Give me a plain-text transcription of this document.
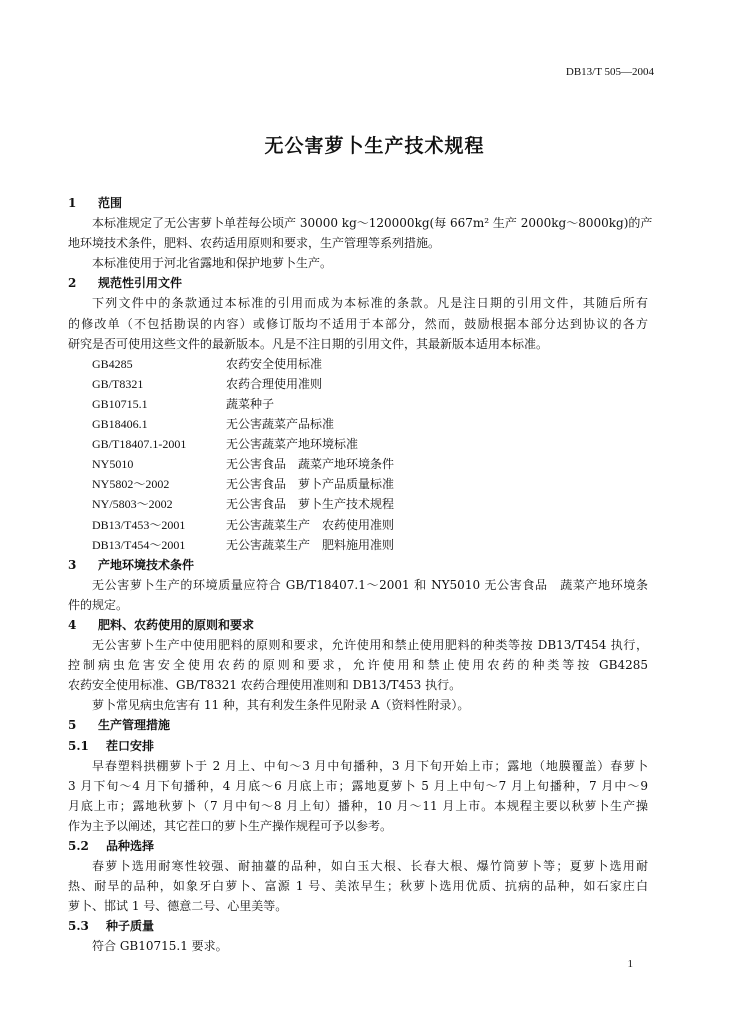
DB13/T 505—2004
无公害萝卜生产技术规程
1 范围
本标准规定了无公害萝卜单茬每公顷产 30000 kg～120000kg(每 667m² 生产 2000kg～8000kg)的产
地环境技术条件，肥料、农药适用原则和要求，生产管理等系列措施。
本标准使用于河北省露地和保护地萝卜生产。
2 规范性引用文件
下列文件中的条款通过本标准的引用而成为本标准的条款。凡是注日期的引用文件，其随后所有
的修改单（不包括勘误的内容）或修订版均不适用于本部分，然而，鼓励根据本部分达到协议的各方
研究是否可使用这些文件的最新版本。凡是不注日期的引用文件，其最新版本适用本标准。
GB4285	农药安全使用标准
GB/T8321	农药合理使用准则
GB10715.1	蔬菜种子
GB18406.1	无公害蔬菜产品标准
GB/T18407.1-2001	无公害蔬菜产地环境标准
NY5010	无公害食品　蔬菜产地环境条件
NY5802～2002	无公害食品　萝卜产品质量标准
NY/5803～2002	无公害食品　萝卜生产技术规程
DB13/T453～2001	无公害蔬菜生产　农药使用准则
DB13/T454～2001	无公害蔬菜生产　肥料施用准则
3 产地环境技术条件
无公害萝卜生产的环境质量应符合 GB/T18407.1～2001 和 NY5010 无公害食品　蔬菜产地环境条
件的规定。
4 肥料、农药使用的原则和要求
无公害萝卜生产中使用肥料的原则和要求，允许使用和禁止使用肥料的种类等按 DB13/T454 执行，
控制病虫危害安全使用农药的原则和要求，允许使用和禁止使用农药的种类等按 GB4285
农药安全使用标准、GB/T8321 农药合理使用准则和 DB13/T453 执行。
萝卜常见病虫危害有 11 种，其有利发生条件见附录 A（资料性附录）。
5 生产管理措施
5.1 茬口安排
早春塑料拱棚萝卜于 2 月上、中旬～3 月中旬播种，3 月下旬开始上市；露地（地膜覆盖）春萝卜
3 月下旬～4 月下旬播种，4 月底～6 月底上市；露地夏萝卜 5 月上中旬～7 月上旬播种，7 月中～9
月底上市；露地秋萝卜（7 月中旬～8 月上旬）播种，10 月～11 月上市。本规程主要以秋萝卜生产操
作为主予以阐述，其它茬口的萝卜生产操作规程可予以参考。
5.2 品种选择
春萝卜选用耐寒性较强、耐抽薹的品种，如白玉大根、长春大根、爆竹筒萝卜等；夏萝卜选用耐
热、耐旱的品种，如象牙白萝卜、富源 1 号、美浓早生；秋萝卜选用优质、抗病的品种，如石家庄白
萝卜、邯试 1 号、德意二号、心里美等。
5.3 种子质量
符合 GB10715.1 要求。
1
